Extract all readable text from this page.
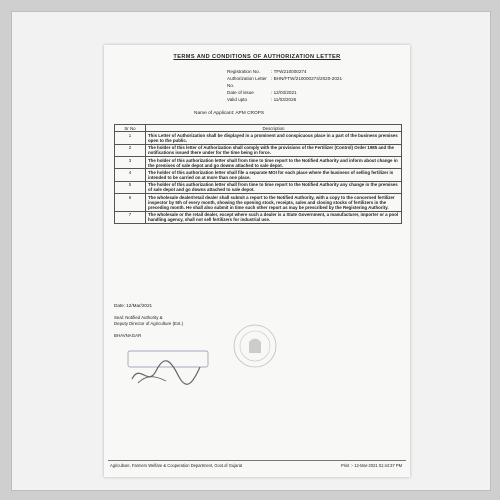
TERMS AND CONDITIONS OF AUTHORIZATION LETTER
Registration No.	: TFW210000274
Authorization Letter No.
: BHN/FTW/210000274/2020-2021
Date of issue	: 12/03/2021
Valid upto	: 11/03/2026
Name of Applicant: APM CROPS
Sr No	Description
1	This Letter of Authorization shall be displayed in a prominent and conspicuous place in a part of the business premises open to the public.
2	The holder of this letter of Authorization shall comply with the provisions of the Fertilizer (Control) Order 1985 and the notifications issued there under for the time being in force.
3	The holder of this authorization letter shall from time to time report to the Notified Authority and inform about change in the premises of sale depot and go downs attached to sale depot.
4	The holder of this authorization letter shall file a separate MOI for each place where the business of selling fertilizer is intended to be carried on at more than one place.
5	The holder of this authorization letter shall from time to time report to the Notified Authority any change in the premises of sale depot and go downs attached to sale depot.
6	The wholesale dealer/retail dealer shall submit a report to the Notified Authority, with a copy to the concerned fertilizer inspector by 5th of every month, showing the opening stock, receipts, sales and closing stocks of fertilizers in the preceding month. He shall also submit in time such other report as may be prescribed by the Registering Authority.
7	The wholesale or the retail dealer, except where such a dealer is a State Government, a manufacturer, importer or a pool handling agency, shall not sell fertilizers for industrial use.
Date: 12/Mar/2021
Seal: Notified Authority &
Deputy Director of Agriculture (Ext.)
BHAVNAGAR
Agriculture, Farmers Welfare & Cooperation Department, Govt.of Gujarat	Print :- 12-Mar-2021 01:44:37 PM
